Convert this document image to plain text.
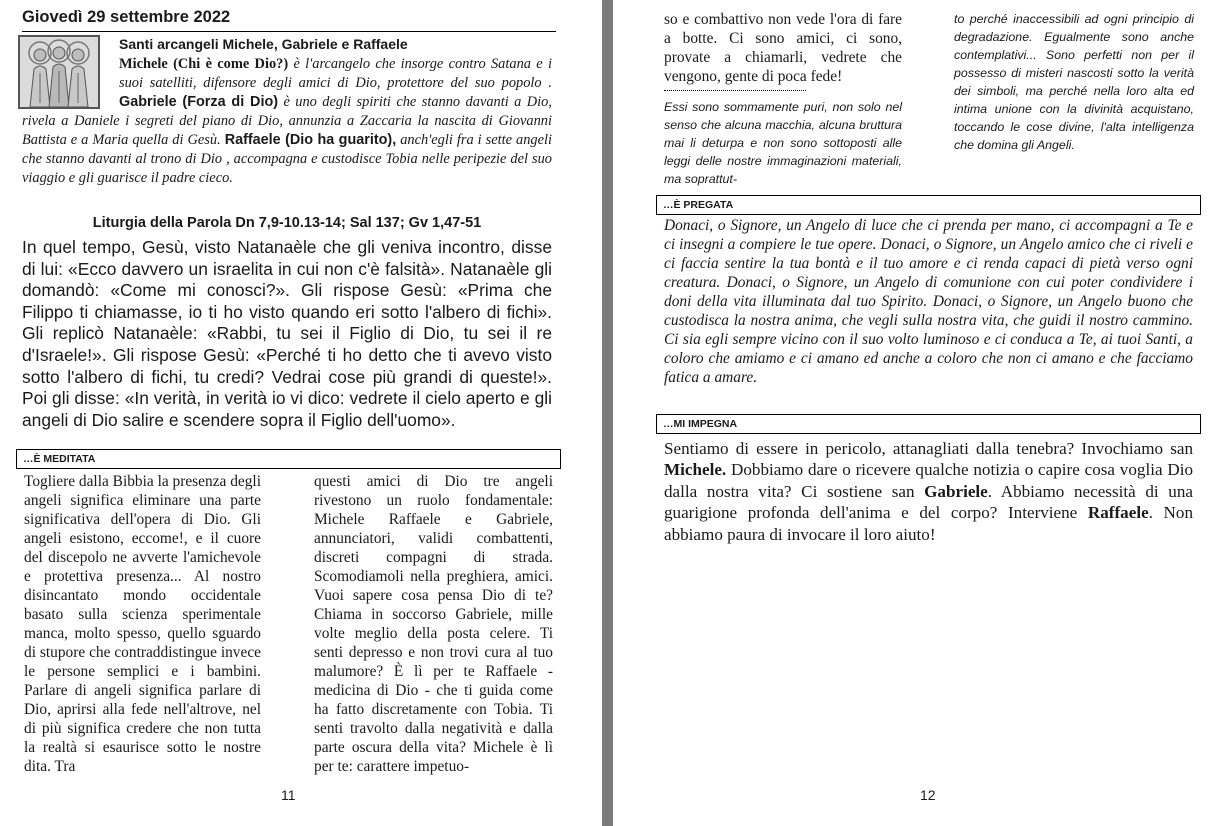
Giovedì 29 settembre 2022
Santi arcangeli Michele, Gabriele e Raffaele
Michele (Chi è come Dio?) è l'arcangelo che insorge contro Satana e i suoi satelliti, difensore degli amici di Dio, protettore del suo popolo . Gabriele (Forza di Dio) è uno degli spiriti che stanno davanti a Dio, rivela a Daniele i segreti del piano di Dio, annunzia a Zaccaria la nascita di Giovanni Battista e a Maria quella di Gesù. Raffaele (Dio ha guarito), anch'egli fra i sette angeli che stanno davanti al trono di Dio , accompagna e custodisce Tobia nelle peripezie del suo viaggio e gli guarisce il padre cieco.
Liturgia della Parola Dn 7,9-10.13-14; Sal 137; Gv 1,47-51
In quel tempo, Gesù, visto Natanaèle che gli veniva incontro, disse di lui: «Ecco davvero un israelita in cui non c'è falsità». Natanaèle gli domandò: «Come mi conosci?». Gli rispose Gesù: «Prima che Filippo ti chiamasse, io ti ho visto quando eri sotto l'albero di fichi». Gli replicò Natanaèle: «Rabbi, tu sei il Figlio di Dio, tu sei il re d'Israele!». Gli rispose Gesù: «Perché ti ho detto che ti avevo visto sotto l'albero di fichi, tu credi? Vedrai cose più grandi di queste!». Poi gli disse: «In verità, in verità io vi dico: vedrete il cielo aperto e gli angeli di Dio salire e scendere sopra il Figlio dell'uomo».
…È MEDITATA
Togliere dalla Bibbia la presenza degli angeli significa eliminare una parte significativa dell'opera di Dio. Gli angeli esistono, eccome!, e il cuore del discepolo ne avverte l'amichevole e protettiva presenza... Al nostro disincantato mondo occidentale basato sulla scienza sperimentale manca, molto spesso, quello sguardo di stupore che contraddistingue invece le persone semplici e i bambini. Parlare di angeli significa parlare di Dio, aprirsi alla fede nell'altrove, nel di più significa credere che non tutta la realtà si esaurisce sotto le nostre dita. Tra
questi amici di Dio tre angeli rivestono un ruolo fondamentale: Michele Raffaele e Gabriele, annunciatori, validi combattenti, discreti compagni di strada. Scomodiamoli nella preghiera, amici. Vuoi sapere cosa pensa Dio di te? Chiama in soccorso Gabriele, mille volte meglio della posta celere. Ti senti depresso e non trovi cura al tuo malumore? È lì per te Raffaele - medicina di Dio - che ti guida come ha fatto discretamente con Tobia. Ti senti travolto dalla negatività e dalla parte oscura della vita? Michele è lì per te: carattere impetuo-
11
so e combattivo non vede l'ora di fare a botte. Ci sono amici, ci sono, provate a chiamarli, vedrete che vengono, gente di poca fede!
Essi sono sommamente puri, non solo nel senso che alcuna macchia, alcuna bruttura mai li deturpa e non sono sottoposti alle leggi delle nostre immaginazioni materiali, ma soprattut-
to perché inaccessibili ad ogni principio di degradazione. Egualmente sono anche contemplativi... Sono perfetti non per il possesso di misteri nascosti sotto la verità dei simboli, ma perché nella loro alta ed intima unione con la divinità acquistano, toccando le cose divine, l'alta intelligenza che domina gli Angeli.
…È PREGATA
Donaci, o Signore, un Angelo di luce che ci prenda per mano, ci accompagni a Te e ci insegni a compiere le tue opere. Donaci, o Signore, un Angelo amico che ci riveli e ci faccia sentire la tua bontà e il tuo amore e ci renda capaci di pietà verso ogni creatura. Donaci, o Signore, un Angelo di comunione con cui poter condividere i doni della vita illuminata dal tuo Spirito. Donaci, o Signore, un Angelo buono che custodisca la nostra anima, che vegli sulla nostra vita, che guidi il nostro cammino. Ci sia egli sempre vicino con il suo volto luminoso e ci conduca a Te, ai tuoi Santi, a coloro che amiamo e ci amano ed anche a coloro che non ci amano e che facciamo fatica a amare.
…MI IMPEGNA
Sentiamo di essere in pericolo, attanagliati dalla tenebra? Invochiamo san Michele. Dobbiamo dare o ricevere qualche notizia o capire cosa voglia Dio dalla nostra vita? Ci sostiene san Gabriele. Abbiamo necessità di una guarigione profonda dell'anima e del corpo? Interviene Raffaele. Non abbiamo paura di invocare il loro aiuto!
12
